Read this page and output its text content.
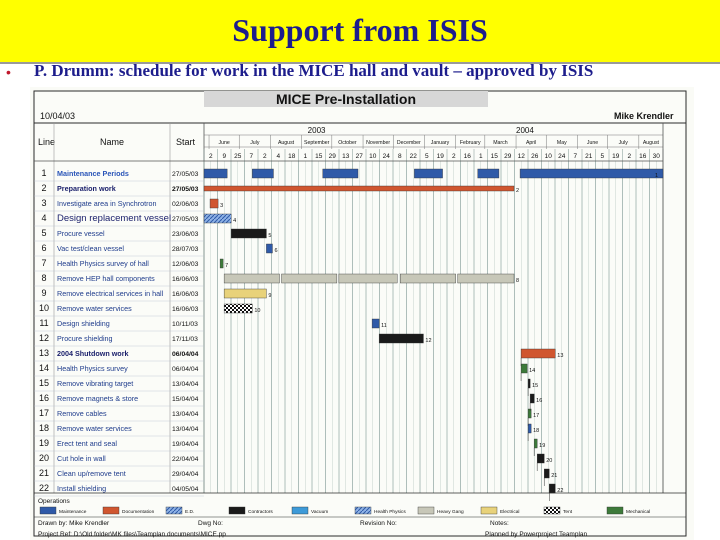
Support from ISIS
• P. Drumm: schedule for work in the MICE hall and vault – approved by ISIS
MICE Pre-Installation
10/04/03	Mike Krendler
Line	Name	Start
2003	2004
June	July	August September October November December January February March	April	May	June	July	August
2 9 25 7 2 4 18 1 15 29 13 27 10 24 8 22 5 19 2 16 1 15 29 12 26 10 24 7 21 5 19 2 16 30
1 Maintenance Periods	27/05/03
2 Preparation work	27/05/03
3 Investigate area in Synchrotron 02/06/03
4 Design replacement vessel 27/05/03
5 Procure vessel	23/06/03
6 Vac test/clean vessel	28/07/03
7 Health Physics survey of hall	12/06/03
8 Remove HEP hall components	16/06/03
9 Remove electrical services in hall 16/06/03
10 Remove water services	16/06/03
11 Design shielding	10/11/03
12 Procure shielding	17/11/03
13 2004 Shutdown work	06/04/04
14 Health Physics survey	06/04/04
15 Remove vibrating target	13/04/04
16 Remove magnets & store	15/04/04
17 Remove cables	13/04/04
18 Remove water services	13/04/04
19 Erect tent and seal	19/04/04
20 Cut hole in wall	22/04/04
21 Clean up/remove tent	29/04/04
22 Install shielding	04/05/04
1
2
3
4
5
6
7
8
9
10
11
12
13
14
15
16
17
18
19
20
21
22
Operations
Maintenance	Documentation	E.D.	Contractors	Vacuum	Health Physics	Heavy Gang	Electrical	Tent	Mechanical
Drawn by: Mike Krendler	Dwg No:	Revision No:	Notes:
Project Ref: D:\Old folder\MK files\Teamplan documents\MICE.pp	Planned by Powerproject Teamplan
